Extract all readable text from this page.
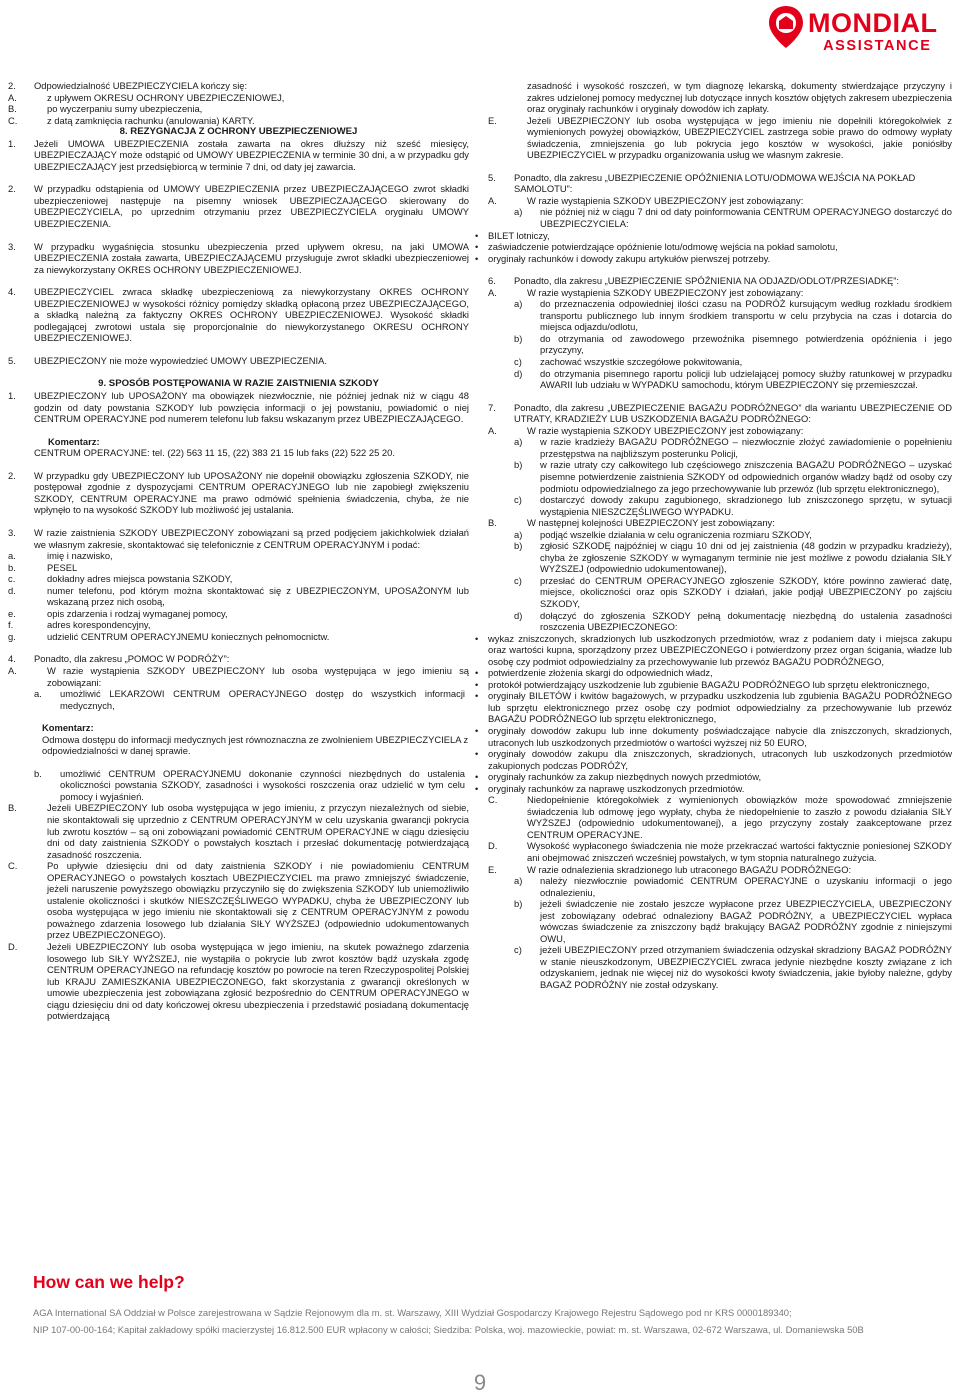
MONDIAL
ASSISTANCE
2. Odpowiedzialność UBEZPIECZYCIELA kończy się:

A.	z upływem OKRESU OCHRONY UBEZPIECZENIOWEJ,

B.	po wyczerpaniu sumy ubezpieczenia,

C.	z datą zamknięcia rachunku (anulowania) KARTY.

8. REZYGNACJA Z OCHRONY UBEZPIECZENIOWEJ

1. Jeżeli UMOWA UBEZPIECZENIA została zawarta na okres dłuższy niż sześć miesięcy, UBEZPIECZAJĄCY może odstąpić od UMOWY UBEZPIECZENIA w terminie 30 dni, a w przypadku gdy UBEZPIECZAJĄCY jest przedsiębiorcą w terminie 7 dni, od daty jej zawarcia.

2. W przypadku odstąpienia od UMOWY UBEZPIECZENIA przez UBEZPIECZAJĄCEGO zwrot składki ubezpieczeniowej następuje na pisemny wniosek UBEZPIECZAJĄCEGO skierowany do UBEZPIECZYCIELA, po uprzednim otrzymaniu przez UBEZPIECZYCIELA oryginału UMOWY UBEZPIECZENIA.

3. W przypadku wygaśnięcia stosunku ubezpieczenia przed upływem okresu, na jaki UMOWA UBEZPIECZENIA została zawarta, UBEZPIECZAJĄCEMU przysługuje zwrot składki ubezpieczeniowej za niewykorzystany OKRES OCHRONY UBEZPIECZENIOWEJ.

4. UBEZPIECZYCIEL zwraca składkę ubezpieczeniową za niewykorzystany OKRES OCHRONY UBEZPIECZENIOWEJ w wysokości różnicy pomiędzy składką opłaconą przez UBEZPIECZAJĄCEGO, a składką należną za faktyczny OKRES OCHRONY UBEZPIECZENIOWEJ. Wysokość składki podlegającej zwrotowi ustala się proporcjonalnie do niewykorzystanego OKRESU OCHRONY UBEZPIECZENIOWEJ.

5. UBEZPIECZONY nie może wypowiedzieć UMOWY UBEZPIECZENIA.

9. SPOSÓB POSTĘPOWANIA W RAZIE ZAISTNIENIA SZKODY

1. UBEZPIECZONY lub UPOSAŻONY ma obowiązek niezwłocznie, nie później jednak niż w ciągu 48 godzin od daty powstania SZKODY lub powzięcia informacji o jej powstaniu, powiadomić o niej CENTRUM OPERACYJNE pod numerem telefonu lub faksu wskazanym przez UBEZPIECZAJĄCEGO.

Komentarz:

CENTRUM OPERACYJNE: tel. (22) 563 11 15, (22) 383 21 15 lub faks (22) 522 25 20.

2. W przypadku gdy UBEZPIECZONY lub UPOSAŻONY nie dopełnił obowiązku zgłoszenia SZKODY, nie postępował zgodnie z dyspozycjami CENTRUM OPERACYJNEGO lub nie zapobiegł zwiększeniu SZKODY, CENTRUM OPERACYJNE ma prawo odmówić spełnienia świadczenia, chyba, że nie wpłynęło to na wysokość SZKODY lub możliwość jej ustalania.

3. W razie zaistnienia SZKODY UBEZPIECZONY zobowiązani są przed podjęciem jakichkolwiek działań we własnym zakresie, skontaktować się telefonicznie z CENTRUM OPERACYJNYM i podać:

a.	imię i nazwisko,

b.	PESEL

c.	dokładny adres miejsca powstania SZKODY,

d.	numer telefonu, pod którym można skontaktować się z UBEZPIECZONYM, UPOSAŻONYM lub wskazaną przez nich osobą,

e.	opis zdarzenia i rodzaj wymaganej pomocy,

f.	adres korespondencyjny,

g.	udzielić CENTRUM OPERACYJNEMU koniecznych pełnomocnictw.

4. Ponadto, dla zakresu „POMOC W PODRÓŻY”:

A.	W razie wystąpienia SZKODY UBEZPIECZONY lub osoba występująca w jego imieniu są zobowiązani:

a.	umożliwić LEKARZOWI CENTRUM OPERACYJNEGO dostęp do wszystkich informacji medycznych,

Komentarz:

Odmowa dostępu do informacji medycznych jest równoznaczna ze zwolnieniem UBEZPIECZYCIELA z odpowiedzialności w danej sprawie.

b.	umożliwić CENTRUM OPERACYJNEMU dokonanie czynności niezbędnych do ustalenia okoliczności powstania SZKODY, zasadności i wysokości roszczenia oraz udzielić w tym celu pomocy i wyjaśnień.

B.	Jeżeli UBEZPIECZONY lub osoba występująca w jego imieniu, z przyczyn niezależnych od siebie, nie skontaktowali się uprzednio z CENTRUM OPERACYJNYM w celu uzyskania gwarancji pokrycia lub zwrotu kosztów – są oni zobowiązani powiadomić CENTRUM OPERACYJNE w ciągu dziesięciu dni od daty zaistnienia SZKODY o powstałych kosztach i przesłać dokumentację potwierdzającą zasadność roszczenia.

C.	Po upływie dziesięciu dni od daty zaistnienia SZKODY i nie powiadomieniu CENTRUM OPERACYJNEGO o powstałych kosztach UBEZPIECZYCIEL ma prawo zmniejszyć świadczenie, jeżeli naruszenie powyższego obowiązku przyczyniło się do zwiększenia SZKODY lub uniemożliwiło ustalenie okoliczności i skutków NIESZCZĘŚLIWEGO WYPADKU, chyba że UBEZPIECZONY lub osoba występująca w jego imieniu nie skontaktowali się z CENTRUM OPERACYJNYM z powodu poważnego zdarzenia losowego lub działania SIŁY WYŻSZEJ (odpowiednio udokumentowanych przez UBEZPIECZONEGO).

D.	Jeżeli UBEZPIECZONY lub osoba występująca w jego imieniu, na skutek poważnego zdarzenia losowego lub SIŁY WYŻSZEJ, nie wystąpiła o pokrycie lub zwrot kosztów bądź uzyskała zgodę CENTRUM OPERACYJNEGO na refundację kosztów po powrocie na teren Rzeczypospolitej Polskiej lub KRAJU ZAMIESZKANIA UBEZPIECZONEGO, fakt skorzystania z gwarancji określonych w umowie ubezpieczenia jest zobowiązana zgłosić bezpośrednio do CENTRUM OPERACYJNEGO w ciągu dziesięciu dni od daty kończowej okresu ubezpieczenia i przedstawić posiadaną dokumentację potwierdzającą

zasadność i wysokość roszczeń, w tym diagnozę lekarską, dokumenty stwierdzające przyczyny i zakres udzielonej pomocy medycznej lub dotyczące innych kosztów objętych zakresem ubezpieczenia oraz oryginały rachunków i oryginały dowodów ich zapłaty.

E.	Jeżeli UBEZPIECZONY lub osoba występująca w jego imieniu nie dopełnili któregokolwiek z wymienionych powyżej obowiązków, UBEZPIECZYCIEL zastrzega sobie prawo do odmowy wypłaty świadczenia, zmniejszenia go lub pokrycia jego kosztów w wysokości, jakie poniósłby UBEZPIECZYCIEL w przypadku organizowania usług we własnym zakresie.

5. Ponadto, dla zakresu „UBEZPIECZENIE OPÓŹNIENIA LOTU/ODMOWA WEJŚCIA NA POKŁAD SAMOLOTU”:

A.	W razie wystąpienia SZKODY UBEZPIECZONY jest zobowiązany:

a)	nie później niż w ciągu 7 dni od daty poinformowania CENTRUM OPERACYJNEGO dostarczyć do UBEZPIECZYCIELA:

• BILET lotniczy,
• zaświadczenie potwierdzające opóźnienie lotu/odmowę wejścia na pokład samolotu,
• oryginały rachunków i dowody zakupu artykułów pierwszej potrzeby.
6. Ponadto, dla zakresu „UBEZPIECZENIE SPÓŹNIENIA NA ODJAZD/ODLOT/PRZESIADKĘ”:

A.	W razie wystąpienia SZKODY UBEZPIECZONY jest zobowiązany:

a)	do przeznaczenia odpowiedniej ilości czasu na PODRÓŻ kursującym według rozkładu środkiem transportu publicznego lub innym środkiem transportu w celu przybycia na czas i dotarcia do miejsca odjazdu/odlotu,

b)	do otrzymania od zawodowego przewoźnika pisemnego potwierdzenia opóźnienia i jego przyczyny,

c)	zachować wszystkie szczegółowe pokwitowania,

d)	do otrzymania pisemnego raportu policji lub udzielającej pomocy służby ratunkowej w przypadku AWARII lub udziału w WYPADKU samochodu, którym UBEZPIECZONY się przemieszczał.

7. Ponadto, dla zakresu „UBEZPIECZENIE BAGAŻU PODRÓŻNEGO” dla wariantu UBEZPIECZENIE OD UTRATY, KRADZIEŻY LUB USZKODZENIA BAGAŻU PODRÓŻNEGO:

A.	W razie wystąpienia SZKODY UBEZPIECZONY jest zobowiązany:

a)	w razie kradzieży BAGAŻU PODRÓŻNEGO – niezwłocznie złożyć zawiadomienie o popełnieniu przestępstwa na najbliższym posterunku Policji,

b)	w razie utraty czy całkowitego lub częściowego zniszczenia BAGAŻU PODRÓŻNEGO – uzyskać pisemne potwierdzenie zaistnienia SZKODY od odpowiednich organów władzy bądź od osoby czy podmiotu odpowiedzialnego za jego przechowywanie lub przewóz (lub sprzętu elektronicznego),

c)	dostarczyć dowody zakupu zagubionego, skradzionego lub zniszczonego sprzętu, w sytuacji wystąpienia NIESZCZĘŚLIWEGO WYPADKU.

B.	W następnej kolejności UBEZPIECZONY jest zobowiązany:

a)	podjąć wszelkie działania w celu ograniczenia rozmiaru SZKODY,

b)	zgłosić SZKODĘ najpóźniej w ciągu 10 dni od jej zaistnienia (48 godzin w przypadku kradzieży), chyba że zgłoszenie SZKODY w wymaganym terminie nie jest możliwe z powodu działania SIŁY WYŻSZEJ (odpowiednio udokumentowanej),

c)	przesłać do CENTRUM OPERACYJNEGO zgłoszenie SZKODY, które powinno zawierać datę, miejsce, okoliczności oraz opis SZKODY i działań, jakie podjął UBEZPIECZONY po zajściu SZKODY,

d)	dołączyć do zgłoszenia SZKODY pełną dokumentację niezbędną do ustalenia zasadności roszczenia UBEZPIECZONEGO:

• wykaz zniszczonych, skradzionych lub uszkodzonych przedmiotów, wraz z podaniem daty i miejsca zakupu oraz wartości kupna, sporządzony przez UBEZPIECZONEGO i potwierdzony przez organ ścigania, władze lub osobę czy podmiot odpowiedzialny za przechowywanie lub przewóz BAGAŻU PODRÓŻNEGO,
• potwierdzenie złożenia skargi do odpowiednich władz,
• protokół potwierdzający uszkodzenie lub zgubienie BAGAŻU PODRÓŻNEGO lub sprzętu elektronicznego,
• oryginały BILETÓW i kwitów bagażowych, w przypadku uszkodzenia lub zgubienia BAGAŻU PODRÓŻNEGO lub sprzętu elektronicznego przez osobę czy podmiot odpowiedzialny za przechowywanie lub przewóz BAGAŻU PODRÓŻNEGO lub sprzętu elektronicznego,
• oryginały dowodów zakupu lub inne dokumenty poświadczające nabycie dla zniszczonych, skradzionych, utraconych lub uszkodzonych przedmiotów o wartości wyższej niż 50 EURO,
• oryginały dowodów zakupu dla zniszczonych, skradzionych, utraconych lub uszkodzonych przedmiotów zakupionych podczas PODRÓŻY,
• oryginały rachunków za zakup niezbędnych nowych przedmiotów,
• oryginały rachunków za naprawę uszkodzonych przedmiotów.
C.	Niedopełnienie któregokolwiek z wymienionych obowiązków może spowodować zmniejszenie świadczenia lub odmowę jego wypłaty, chyba że niedopełnienie to zaszło z powodu działania SIŁY WYŻSZEJ (odpowiednio udokumentowanej), a jego przyczyny zostały zaakceptowane przez CENTRUM OPERACYJNE.

D.	Wysokość wypłaconego świadczenia nie może przekraczać wartości faktycznie poniesionej SZKODY ani obejmować zniszczeń wcześniej powstałych, w tym stopnia naturalnego zużycia.

E.	W razie odnalezienia skradzionego lub utraconego BAGAŻU PODRÓŻNEGO:

a)	należy niezwłocznie powiadomić CENTRUM OPERACYJNE o uzyskaniu informacji o jego odnalezieniu,

b)	jeżeli świadczenie nie zostało jeszcze wypłacone przez UBEZPIECZYCIELA, UBEZPIECZONY jest zobowiązany odebrać odnaleziony BAGAŻ PODRÓŻNY, a UBEZPIECZYCIEL wypłaca wówczas świadczenie za zniszczony bądź brakujący BAGAŻ PODRÓŻNY zgodnie z niniejszymi OWU,

c)	jeżeli UBEZPIECZONY przed otrzymaniem świadczenia odzyskał skradziony BAGAŻ PODRÓŻNY w stanie nieuszkodzonym, UBEZPIECZYCIEL zwraca jedynie niezbędne koszty związane z ich odzyskaniem, jednak nie więcej niż do wysokości kwoty świadczenia, jakie byłoby należne, gdyby BAGAŻ PODRÓŻNY nie został odzyskany.

How can we help?
AGA International SA Oddział w Polsce zarejestrowana w Sądzie Rejonowym dla m. st. Warszawy, XIII Wydział Gospodarczy Krajowego Rejestru Sądowego pod nr KRS 0000189340;
NIP 107-00-00-164; Kapitał zakładowy spółki macierzystej 16.812.500 EUR wpłacony w całości; Siedziba: Polska, woj. mazowieckie, powiat: m. st. Warszawa, 02-672 Warszawa, ul. Domaniewska 50B
9
